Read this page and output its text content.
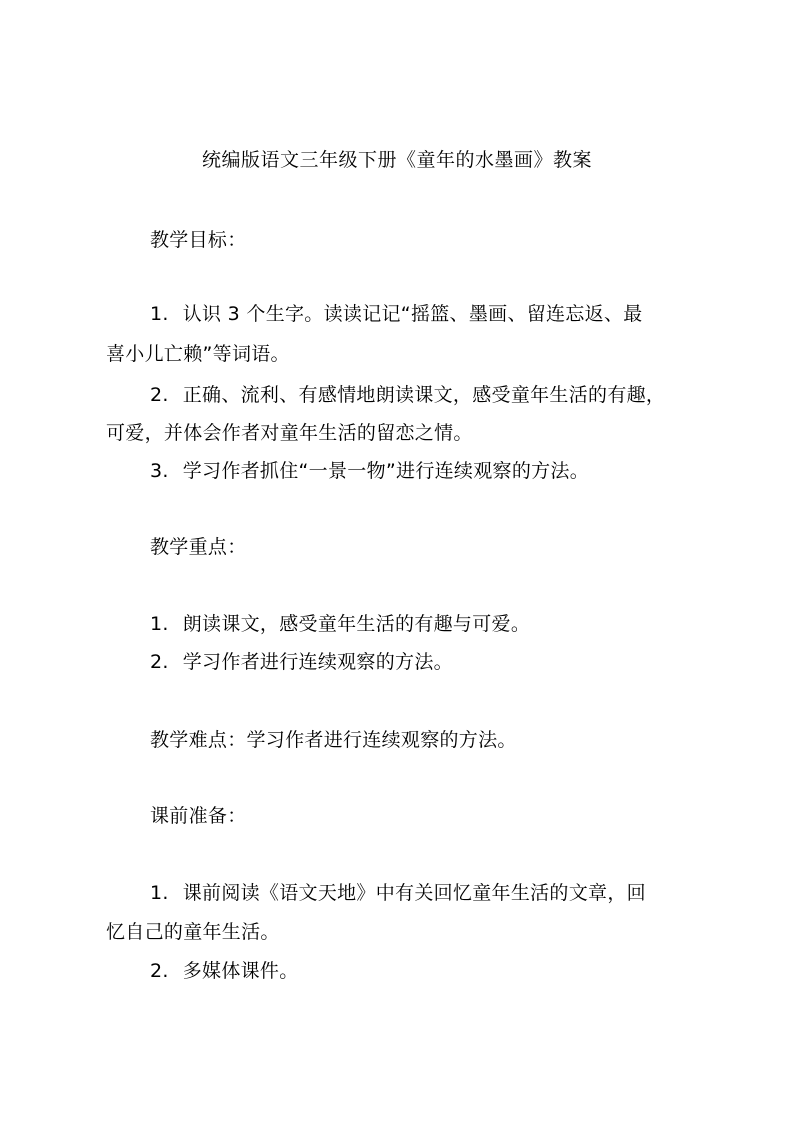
统编版语文三年级下册《童年的水墨画》教案
教学目标：
1. 认识 3 个生字。读读记记“摇篮、墨画、留连忘返、最
喜小儿亡赖”等词语。
2. 正确、流利、有感情地朗读课文，感受童年生活的有趣，
可爱，并体会作者对童年生活的留恋之情。
3. 学习作者抓住“一景一物”进行连续观察的方法。
教学重点：
1. 朗读课文，感受童年生活的有趣与可爱。
2. 学习作者进行连续观察的方法。
教学难点：学习作者进行连续观察的方法。
课前准备：
1. 课前阅读《语文天地》中有关回忆童年生活的文章，回
忆自己的童年生活。
2. 多媒体课件。
